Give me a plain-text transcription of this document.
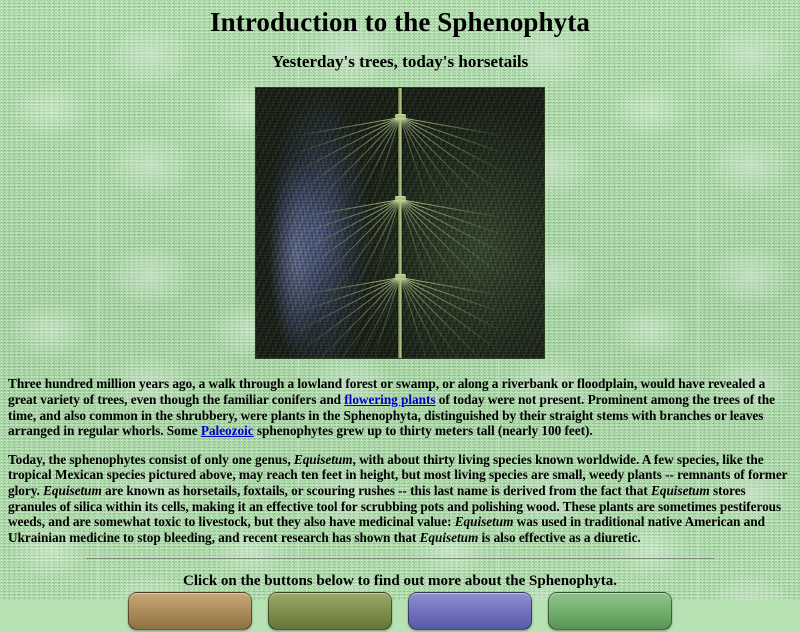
Introduction to the Sphenophyta
Yesterday's trees, today's horsetails

Three hundred million years ago, a walk through a lowland forest or swamp, or along a riverbank or floodplain, would have revealed a great variety of trees, even though the familiar conifers and flowering plants of today were not present. Prominent among the trees of the time, and also common in the shrubbery, were plants in the Sphenophyta, distinguished by their straight stems with branches or leaves arranged in regular whorls. Some Paleozoic sphenophytes grew up to thirty meters tall (nearly 100 feet).

Today, the sphenophytes consist of only one genus, Equisetum, with about thirty living species known worldwide. A few species, like the tropical Mexican species pictured above, may reach ten feet in height, but most living species are small, weedy plants -- remnants of former glory. Equisetum are known as horsetails, foxtails, or scouring rushes -- this last name is derived from the fact that Equisetum stores granules of silica within its cells, making it an effective tool for scrubbing pots and polishing wood. These plants are sometimes pestiferous weeds, and are somewhat toxic to livestock, but they also have medicinal value: Equisetum was used in traditional native American and Ukrainian medicine to stop bleeding, and recent research has shown that Equisetum is also effective as a diuretic.

Click on the buttons below to find out more about the Sphenophyta.
